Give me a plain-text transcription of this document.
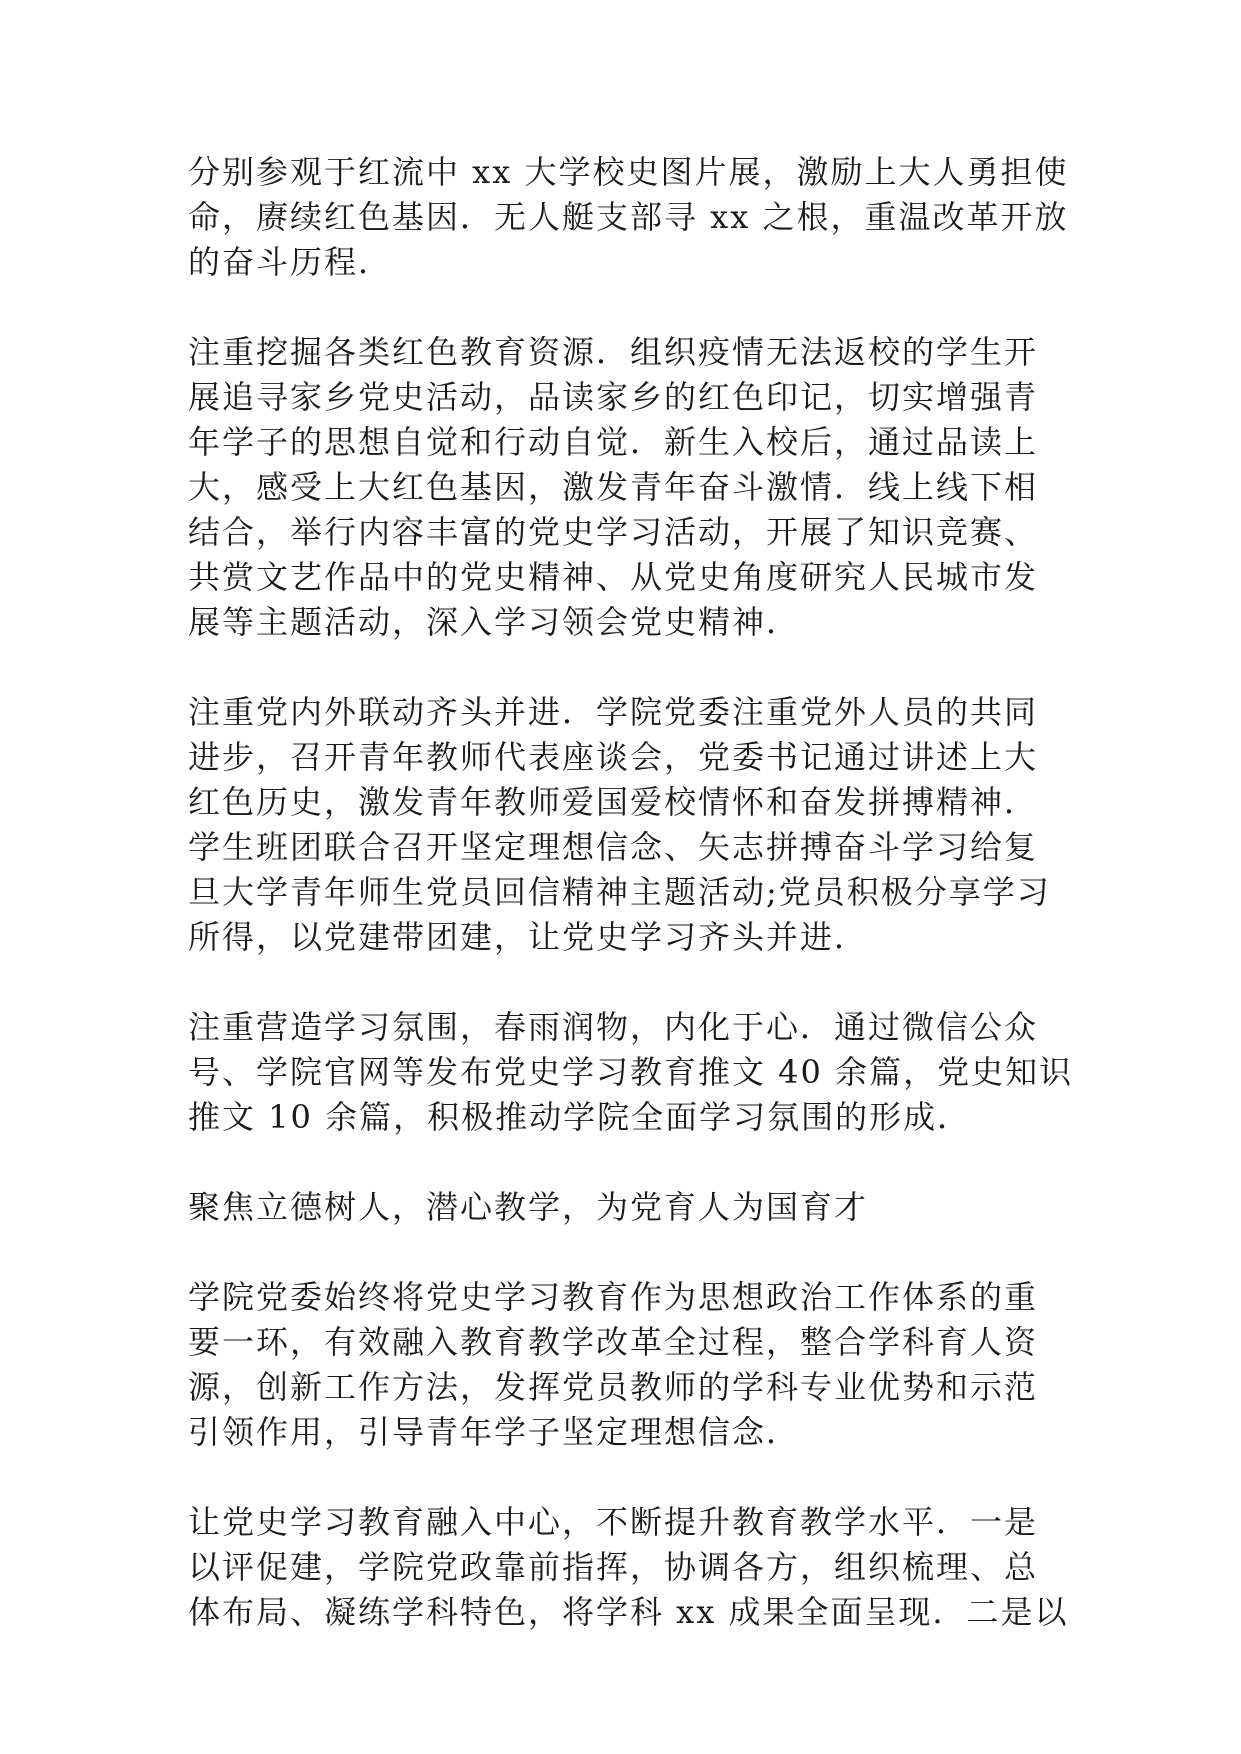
分别参观于红流中 xx 大学校史图片展，激励上大人勇担使
命，赓续红色基因．无人艇支部寻 xx 之根，重温改革开放
的奋斗历程．

注重挖掘各类红色教育资源．组织疫情无法返校的学生开
展追寻家乡党史活动，品读家乡的红色印记，切实增强青
年学子的思想自觉和行动自觉．新生入校后，通过品读上
大，感受上大红色基因，激发青年奋斗激情．线上线下相
结合，举行内容丰富的党史学习活动，开展了知识竞赛、
共赏文艺作品中的党史精神、从党史角度研究人民城市发
展等主题活动，深入学习领会党史精神．

注重党内外联动齐头并进．学院党委注重党外人员的共同
进步，召开青年教师代表座谈会，党委书记通过讲述上大
红色历史，激发青年教师爱国爱校情怀和奋发拼搏精神．
学生班团联合召开坚定理想信念、矢志拼搏奋斗学习给复
旦大学青年师生党员回信精神主题活动;党员积极分享学习
所得，以党建带团建，让党史学习齐头并进．

注重营造学习氛围，春雨润物，内化于心．通过微信公众
号、学院官网等发布党史学习教育推文 40 余篇，党史知识
推文 10 余篇，积极推动学院全面学习氛围的形成．

聚焦立德树人，潜心教学，为党育人为国育才

学院党委始终将党史学习教育作为思想政治工作体系的重
要一环，有效融入教育教学改革全过程，整合学科育人资
源，创新工作方法，发挥党员教师的学科专业优势和示范
引领作用，引导青年学子坚定理想信念．

让党史学习教育融入中心，不断提升教育教学水平．一是
以评促建，学院党政靠前指挥，协调各方，组织梳理、总
体布局、凝练学科特色，将学科 xx 成果全面呈现．二是以
